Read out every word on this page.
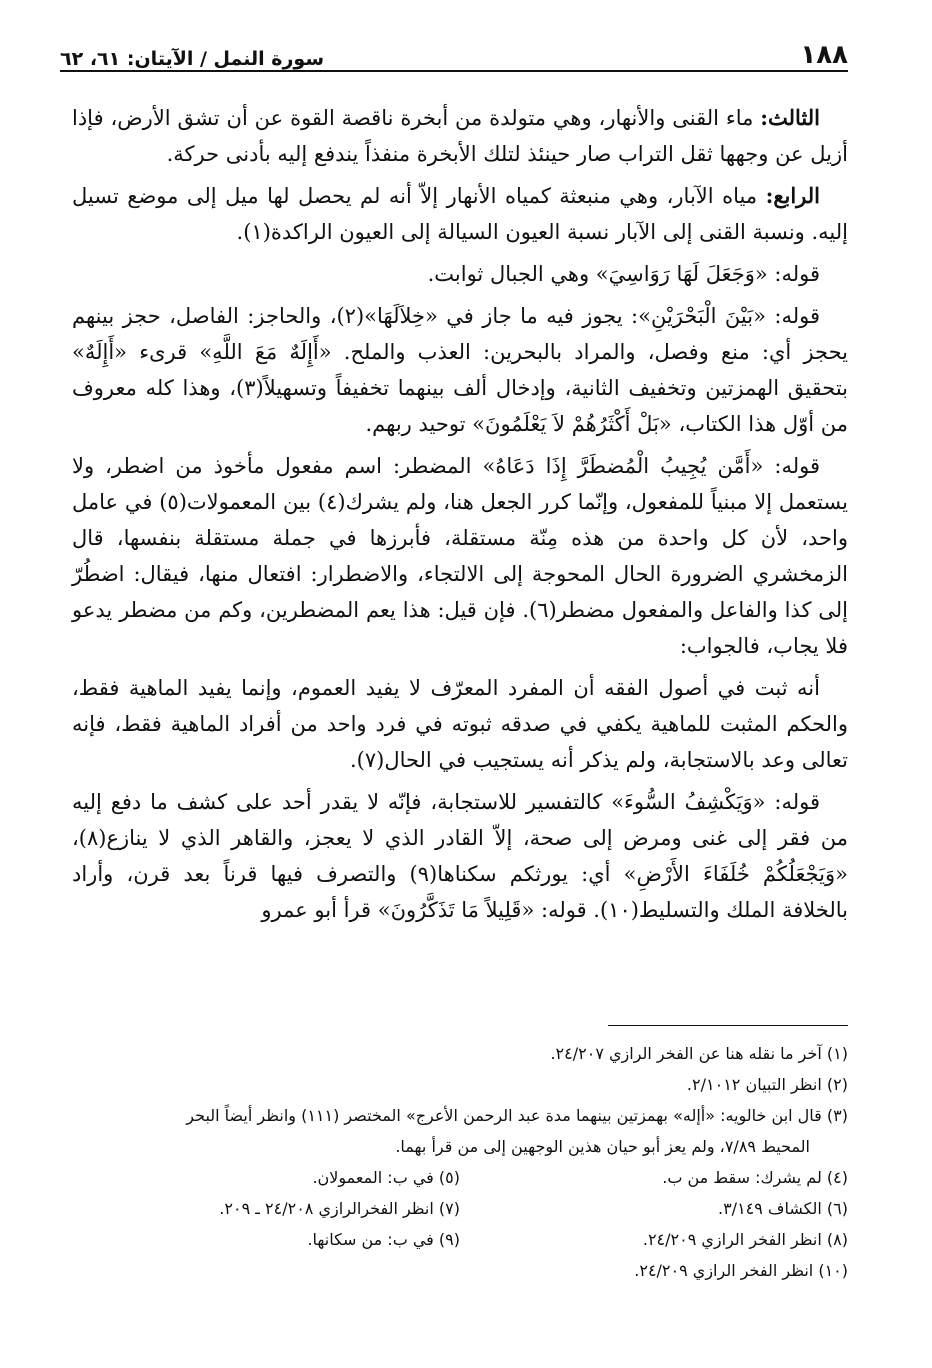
١٨٨
سورة النمل / الآيتان: ٦١، ٦٢

الثالث: ماء القنى والأنهار، وهي متولدة من أبخرة ناقصة القوة عن أن تشق الأرض، فإذا أزيل عن وجهها ثقل التراب صار حينئذ لتلك الأبخرة منفذاً يندفع إليه بأدنى حركة.

الرابع: مياه الآبار، وهي منبعثة كمياه الأنهار إلاّ أنه لم يحصل لها ميل إلى موضع تسيل إليه. ونسبة القنى إلى الآبار نسبة العيون السيالة إلى العيون الراكدة(١).

قوله: «وَجَعَلَ لَهَا رَوَاسِيَ» وهي الجبال ثوابت.

قوله: «بَيْنَ الْبَحْرَيْنِ»: يجوز فيه ما جاز في «خِلاَلَهَا»(٢)، والحاجز: الفاصل، حجز بينهم يحجز أي: منع وفصل، والمراد بالبحرين: العذب والملح. «أَإِلَهٌ مَعَ اللَّهِ» قرىء «أَإِلَهٌ» بتحقيق الهمزتين وتخفيف الثانية، وإدخال ألف بينهما تخفيفاً وتسهيلاً(٣)، وهذا كله معروف من أوّل هذا الكتاب، «بَلْ أَكْثَرُهُمْ لاَ يَعْلَمُونَ» توحيد ربهم.

قوله: «أَمَّن يُجِيبُ الْمُضطَرَّ إِذَا دَعَاهُ» المضطر: اسم مفعول مأخوذ من اضطر، ولا يستعمل إلا مبنياً للمفعول، وإنّما كرر الجعل هنا، ولم يشرك(٤) بين المعمولات(٥) في عامل واحد، لأن كل واحدة من هذه مِنّة مستقلة، فأبرزها في جملة مستقلة بنفسها، قال الزمخشري الضرورة الحال المحوجة إلى الالتجاء، والاضطرار: افتعال منها، فيقال: اضطُرّ إلى كذا والفاعل والمفعول مضطر(٦). فإن قيل: هذا يعم المضطرين، وكم من مضطر يدعو فلا يجاب، فالجواب:

أنه ثبت في أصول الفقه أن المفرد المعرّف لا يفيد العموم، وإنما يفيد الماهية فقط، والحكم المثبت للماهية يكفي في صدقه ثبوته في فرد واحد من أفراد الماهية فقط، فإنه تعالى وعد بالاستجابة، ولم يذكر أنه يستجيب في الحال(٧).

قوله: «وَيَكْشِفُ السُّوءَ» كالتفسير للاستجابة، فإنّه لا يقدر أحد على كشف ما دفع إليه من فقر إلى غنى ومرض إلى صحة، إلاّ القادر الذي لا يعجز، والقاهر الذي لا ينازع(٨)، «وَيَجْعَلُكُمْ خُلَفَاءَ الأَرْضِ» أي: يورثكم سكناها(٩) والتصرف فيها قرناً بعد قرن، وأراد بالخلافة الملك والتسليط(١٠). قوله: «قَلِيلاً مَا تَذَكَّرُونَ» قرأ أبو عمرو

(١) آخر ما نقله هنا عن الفخر الرازي ٢٤/٢٠٧.
(٢) انظر التبيان ٢/١٠١٢.
(٣) قال ابن خالويه: «أإله» بهمزتين بينهما مدة عبد الرحمن الأعرج» المختصر (١١١) وانظر أيضاً البحر
المحيط ٧/٨٩، ولم يعز أبو حيان هذين الوجهين إلى من قرأ بهما.
(٤) لم يشرك: سقط من ب.
(٥) في ب: المعمولان.
(٦) الكشاف ٣/١٤٩.
(٧) انظر الفخرالرازي ٢٤/٢٠٨ ـ ٢٠٩.
(٨) انظر الفخر الرازي ٢٤/٢٠٩.
(٩) في ب: من سكانها.
(١٠) انظر الفخر الرازي ٢٤/٢٠٩.
